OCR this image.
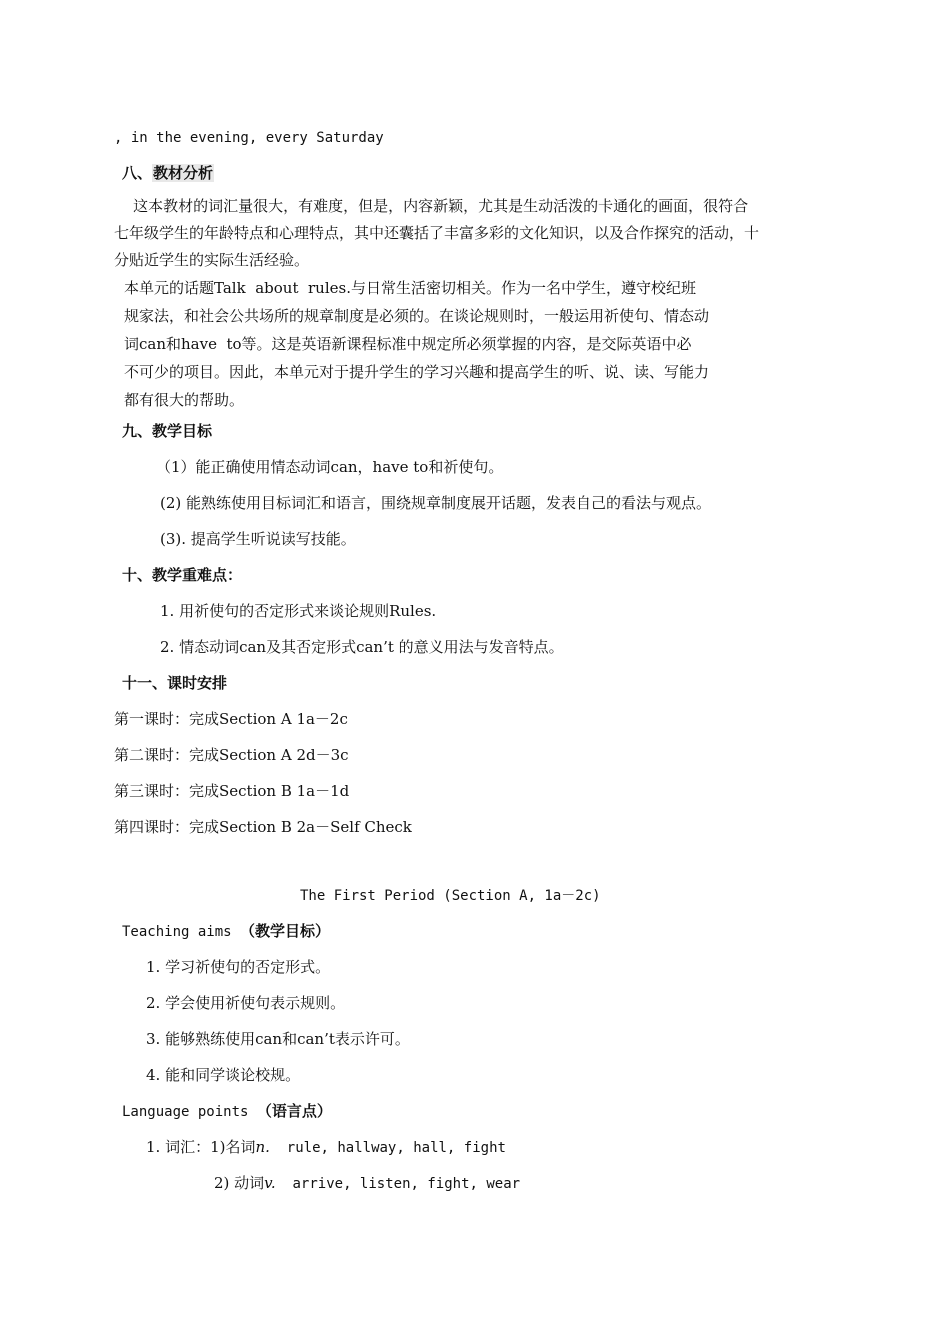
, in the evening, every Saturday
八、教材分析
这本教材的词汇量很大，有难度，但是，内容新颖，尤其是生动活泼的卡通化的画面，很符合
七年级学生的年龄特点和心理特点，其中还囊括了丰富多彩的文化知识，以及合作探究的活动，十
分贴近学生的实际生活经验。
本单元的话题Talk  about  rules.与日常生活密切相关。作为一名中学生，遵守校纪班
规家法，和社会公共场所的规章制度是必须的。在谈论规则时，一般运用祈使句、情态动
词can和have  to等。这是英语新课程标准中规定所必须掌握的内容，是交际英语中必
不可少的项目。因此，本单元对于提升学生的学习兴趣和提高学生的听、说、读、写能力
都有很大的帮助。
九、教学目标
（1）能正确使用情态动词can，have to和祈使句。
(2) 能熟练使用目标词汇和语言，围绕规章制度展开话题，发表自己的看法与观点。
(3). 提高学生听说读写技能。
十、教学重难点：
1. 用祈使句的否定形式来谈论规则Rules.
2. 情态动词can及其否定形式can’t 的意义用法与发音特点。
十一、课时安排
第一课时：完成Section A 1a－2c
第二课时：完成Section A 2d－3c
第三课时：完成Section B 1a－1d
第四课时：完成Section B 2a－Self Check
The First Period (Section A, 1a－2c)
Teaching aims （教学目标）
1. 学习祈使句的否定形式。
2. 学会使用祈使句表示规则。
3. 能够熟练使用can和can’t表示许可。
4. 能和同学谈论校规。
Language points （语言点）
1. 词汇：1)名词n.  rule, hallway, hall, fight
2) 动词v.  arrive, listen, fight, wear
